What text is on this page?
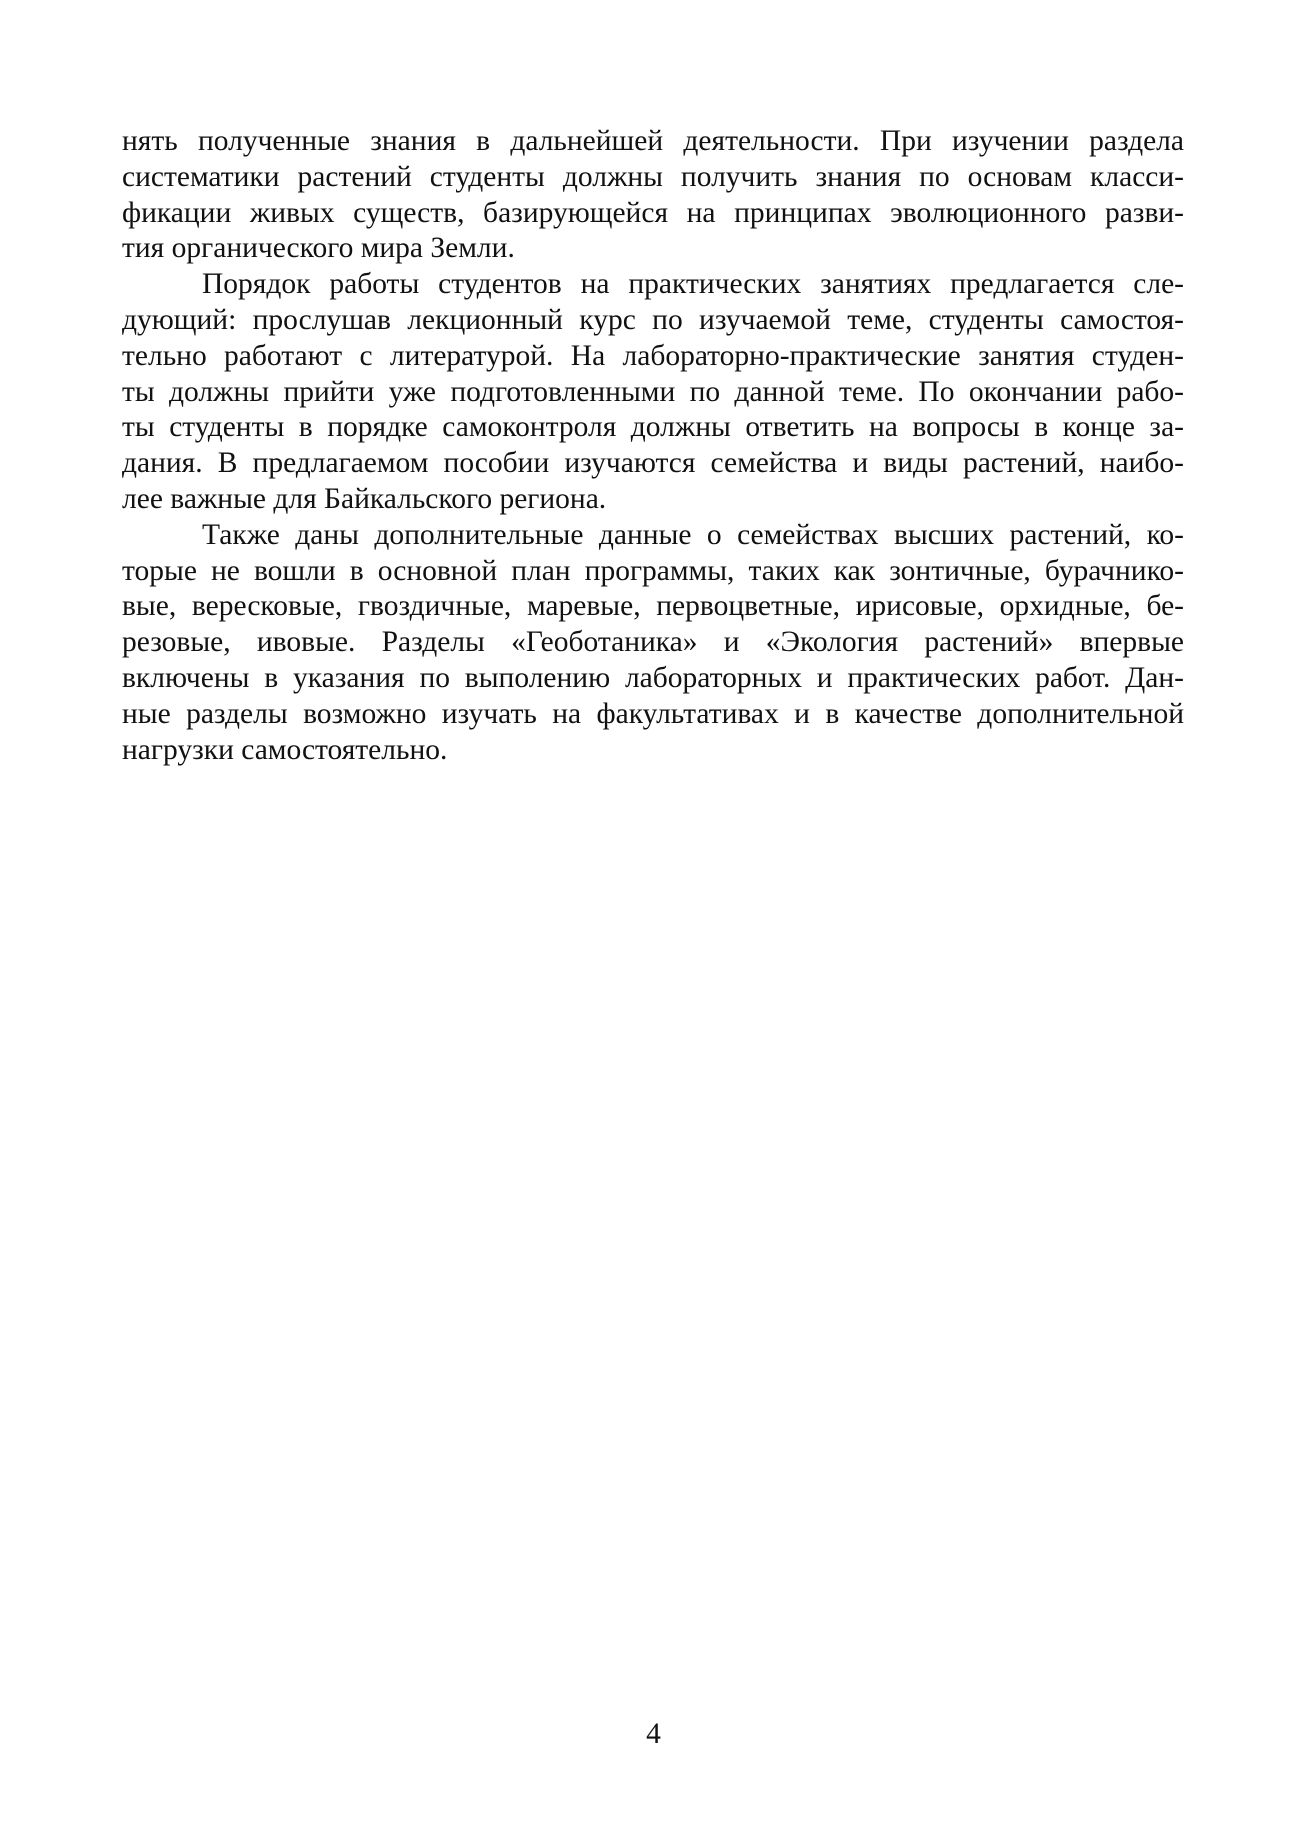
нять полученные знания в дальнейшей деятельности. При изучении раздела
систематики растений студенты должны получить знания по основам класси-
фикации живых существ, базирующейся на принципах эволюционного разви-
тия органического мира Земли.
Порядок работы студентов на практических занятиях предлагается сле-
дующий: прослушав лекционный курс по изучаемой теме, студенты самостоя-
тельно работают с литературой. На лабораторно-практические занятия студен-
ты должны прийти уже подготовленными по данной теме. По окончании рабо-
ты студенты в порядке самоконтроля должны ответить на вопросы в конце за-
дания. В предлагаемом пособии изучаются семейства и виды растений, наибо-
лее важные для Байкальского региона.
Также даны дополнительные данные о семействах высших растений, ко-
торые не вошли в основной план программы, таких как зонтичные, бурачнико-
вые, вересковые, гвоздичные, маревые, первоцветные, ирисовые, орхидные, бе-
резовые, ивовые. Разделы «Геоботаника» и «Экология растений» впервые
включены в указания по выполению лабораторных и практических работ. Дан-
ные разделы возможно изучать на факультативах и в качестве дополнительной
нагрузки самостоятельно.
4
